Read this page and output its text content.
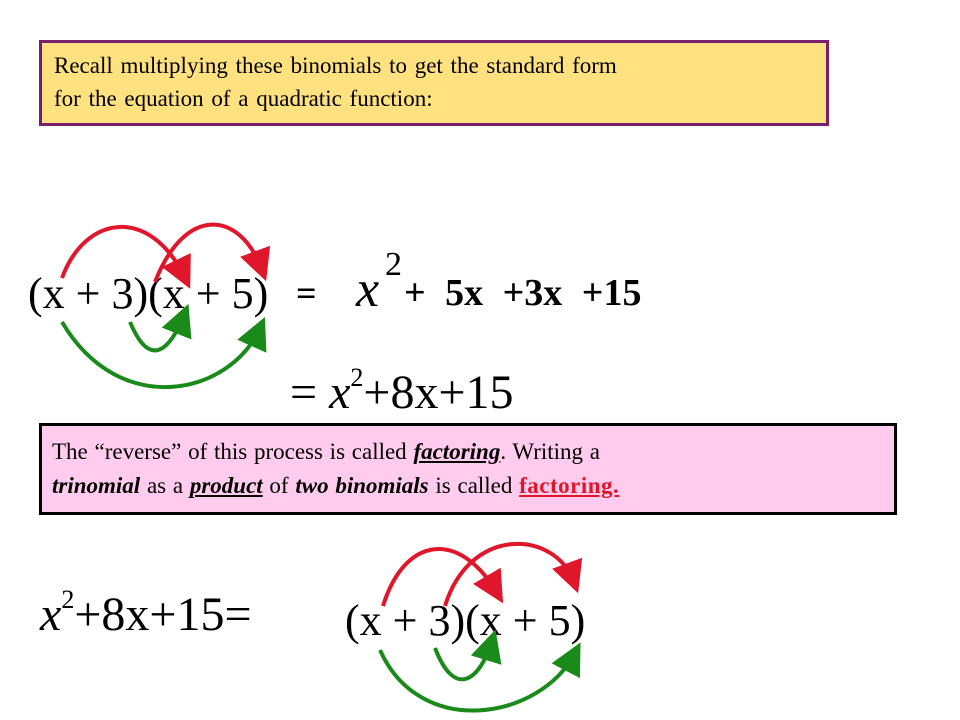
Recall multiplying these binomials to get the standard form
for the equation of a quadratic function:
(x + 3)(x + 5) = x 2
+ 5x +3x +15
= $x^2+8x+15$
The “reverse” of this process is called factoring. Writing a
trinomial as a product of two binomials is called factoring.
$x^2+8x+15= (x + 3)(x + 5)$
